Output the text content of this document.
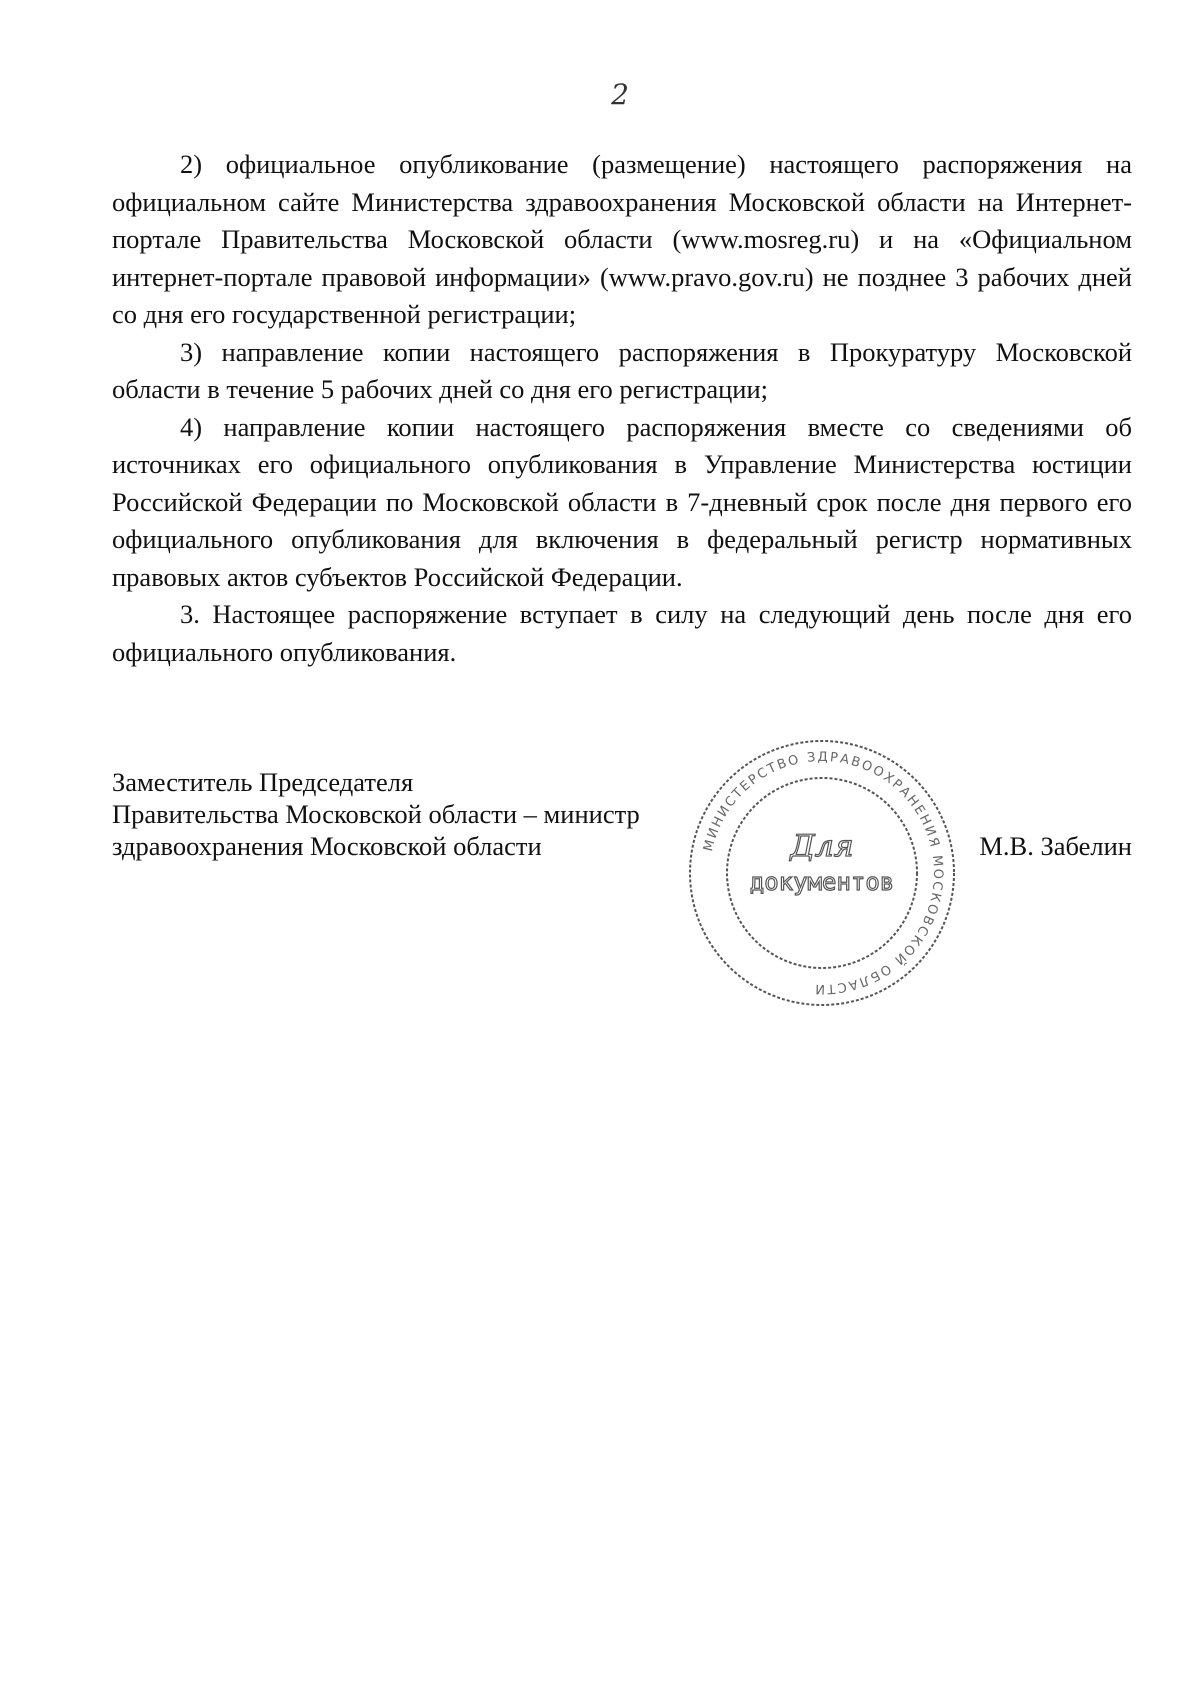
2

2) официальное опубликование (размещение) настоящего распоряжения на официальном сайте Министерства здравоохранения Московской области на Интернет-портале Правительства Московской области (www.mosreg.ru) и на «Официальном интернет-портале правовой информации» (www.pravo.gov.ru) не позднее 3 рабочих дней со дня его государственной регистрации;

3) направление копии настоящего распоряжения в Прокуратуру Московской области в течение 5 рабочих дней со дня его регистрации;

4) направление копии настоящего распоряжения вместе со сведениями об источниках его официального опубликования в Управление Министерства юстиции Российской Федерации по Московской области в 7-дневный срок после дня первого его официального опубликования для включения в федеральный регистр нормативных правовых актов субъектов Российской Федерации.

3. Настоящее распоряжение вступает в силу на следующий день после дня его официального опубликования.

Заместитель Председателя
Правительства Московской области – министр
здравоохранения Московской области	М.В. Забелин
МИНИСТЕРСТВО ЗДРАВООХРАНЕНИЯ МОСКОВСКОЙ ОБЛАСТИ
Для
документов
